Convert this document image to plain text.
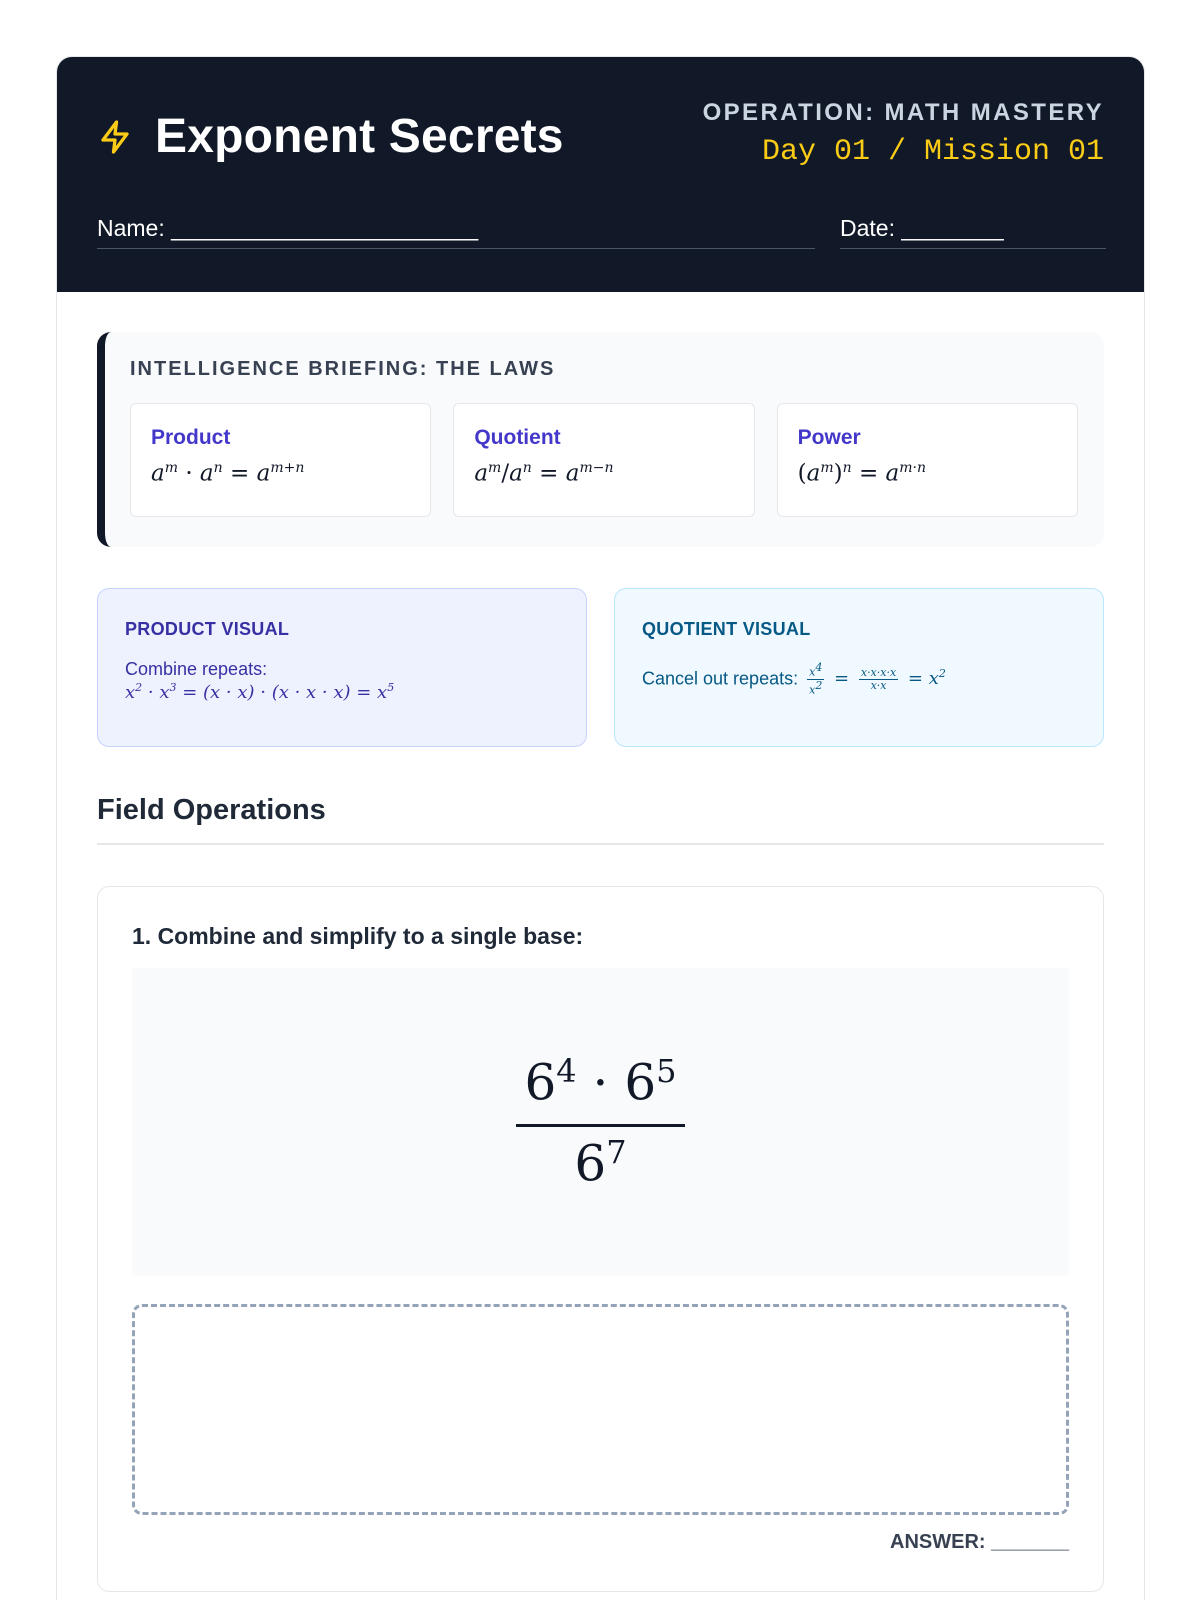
Exponent Secrets	OPERATION: MATH MASTERY
Day 01 / Mission 01
Name: ________________________	Date: ________
INTELLIGENCE BRIEFING: THE LAWS
Product
$a^m \cdot a^n = a^{m+n}$
Quotient
$a^m/a^n = a^{m-n}$
Power
$(a^m)^n = a^{m\cdot n}$
PRODUCT VISUAL
Combine repeats:
$x^2 \cdot x^3 = (x \cdot x) \cdot (x \cdot x \cdot x) = x^5$
QUOTIENT VISUAL
Cancel out repeats: $\frac{x^4}{x^2} = \frac{x\cdot x\cdot x\cdot x}{x\cdot x} = x^2$
Field Operations
1. Combine and simplify to a single base:
$\frac{6^4 \cdot 6^5}{6^7}$
ANSWER: _______
